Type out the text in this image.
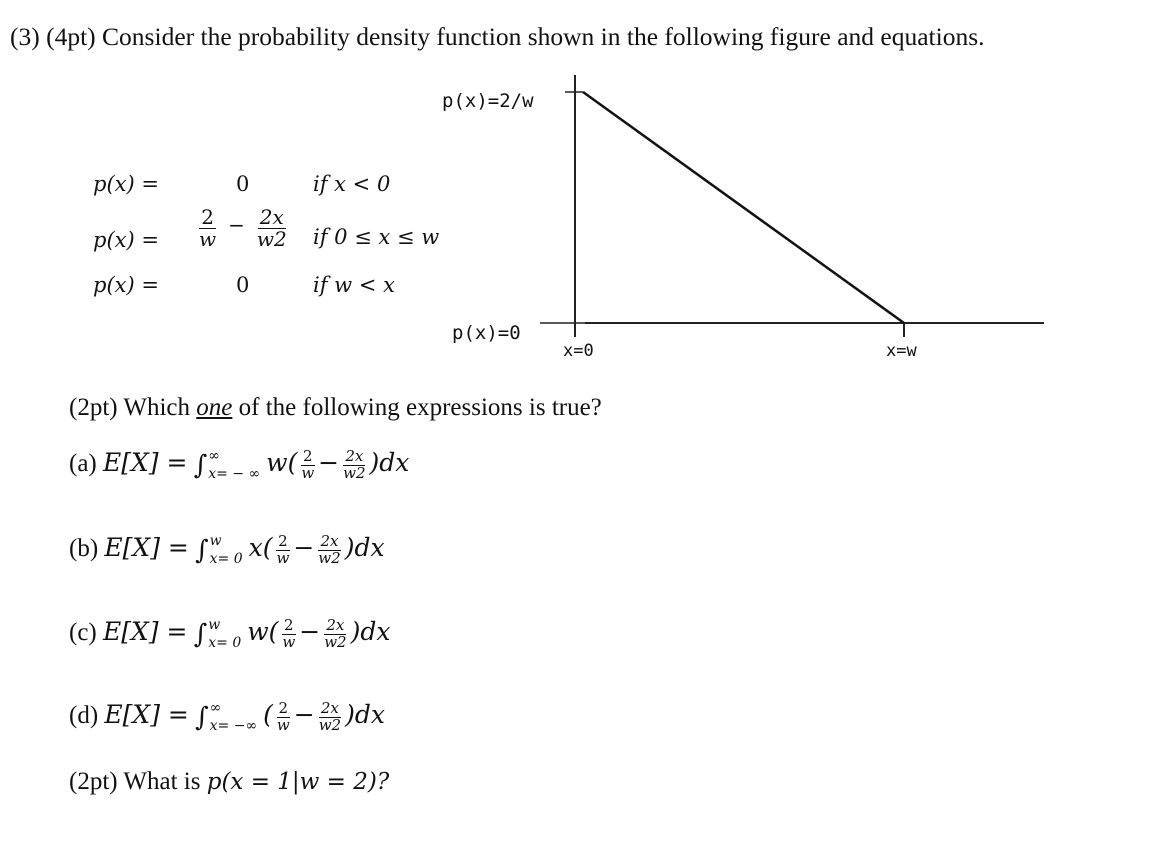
(3) (4pt) Consider the probability density function shown in the following figure and equations.
p(x) =	0	if x < 0
$p(x) = \frac{2}{w} - \frac{2x}{w2}$ if 0 ≤ x ≤ w
p(x) =	0	if w < x
p(x)=2/w
p(x)=0
x=0	x=w
(2pt) Which one of the following expressions is true?
(a) E[X] = ∫ ∞
x= − ∞ $w( \frac{2}{w} - \frac{2x}{w2} )dx$
(b) E[X] = ∫ w
x= 0 $x( \frac{2}{w} - \frac{2x}{w2} )dx$
(c) E[X] = ∫ w
x= 0 $w( \frac{2}{w} - \frac{2x}{w2} )dx$
(d) E[X] = ∫ ∞
x= −∞ ( $\frac{2}{w} - \frac{2x}{w2} )dx$
(2pt) What is p(x = 1|w = 2)?
